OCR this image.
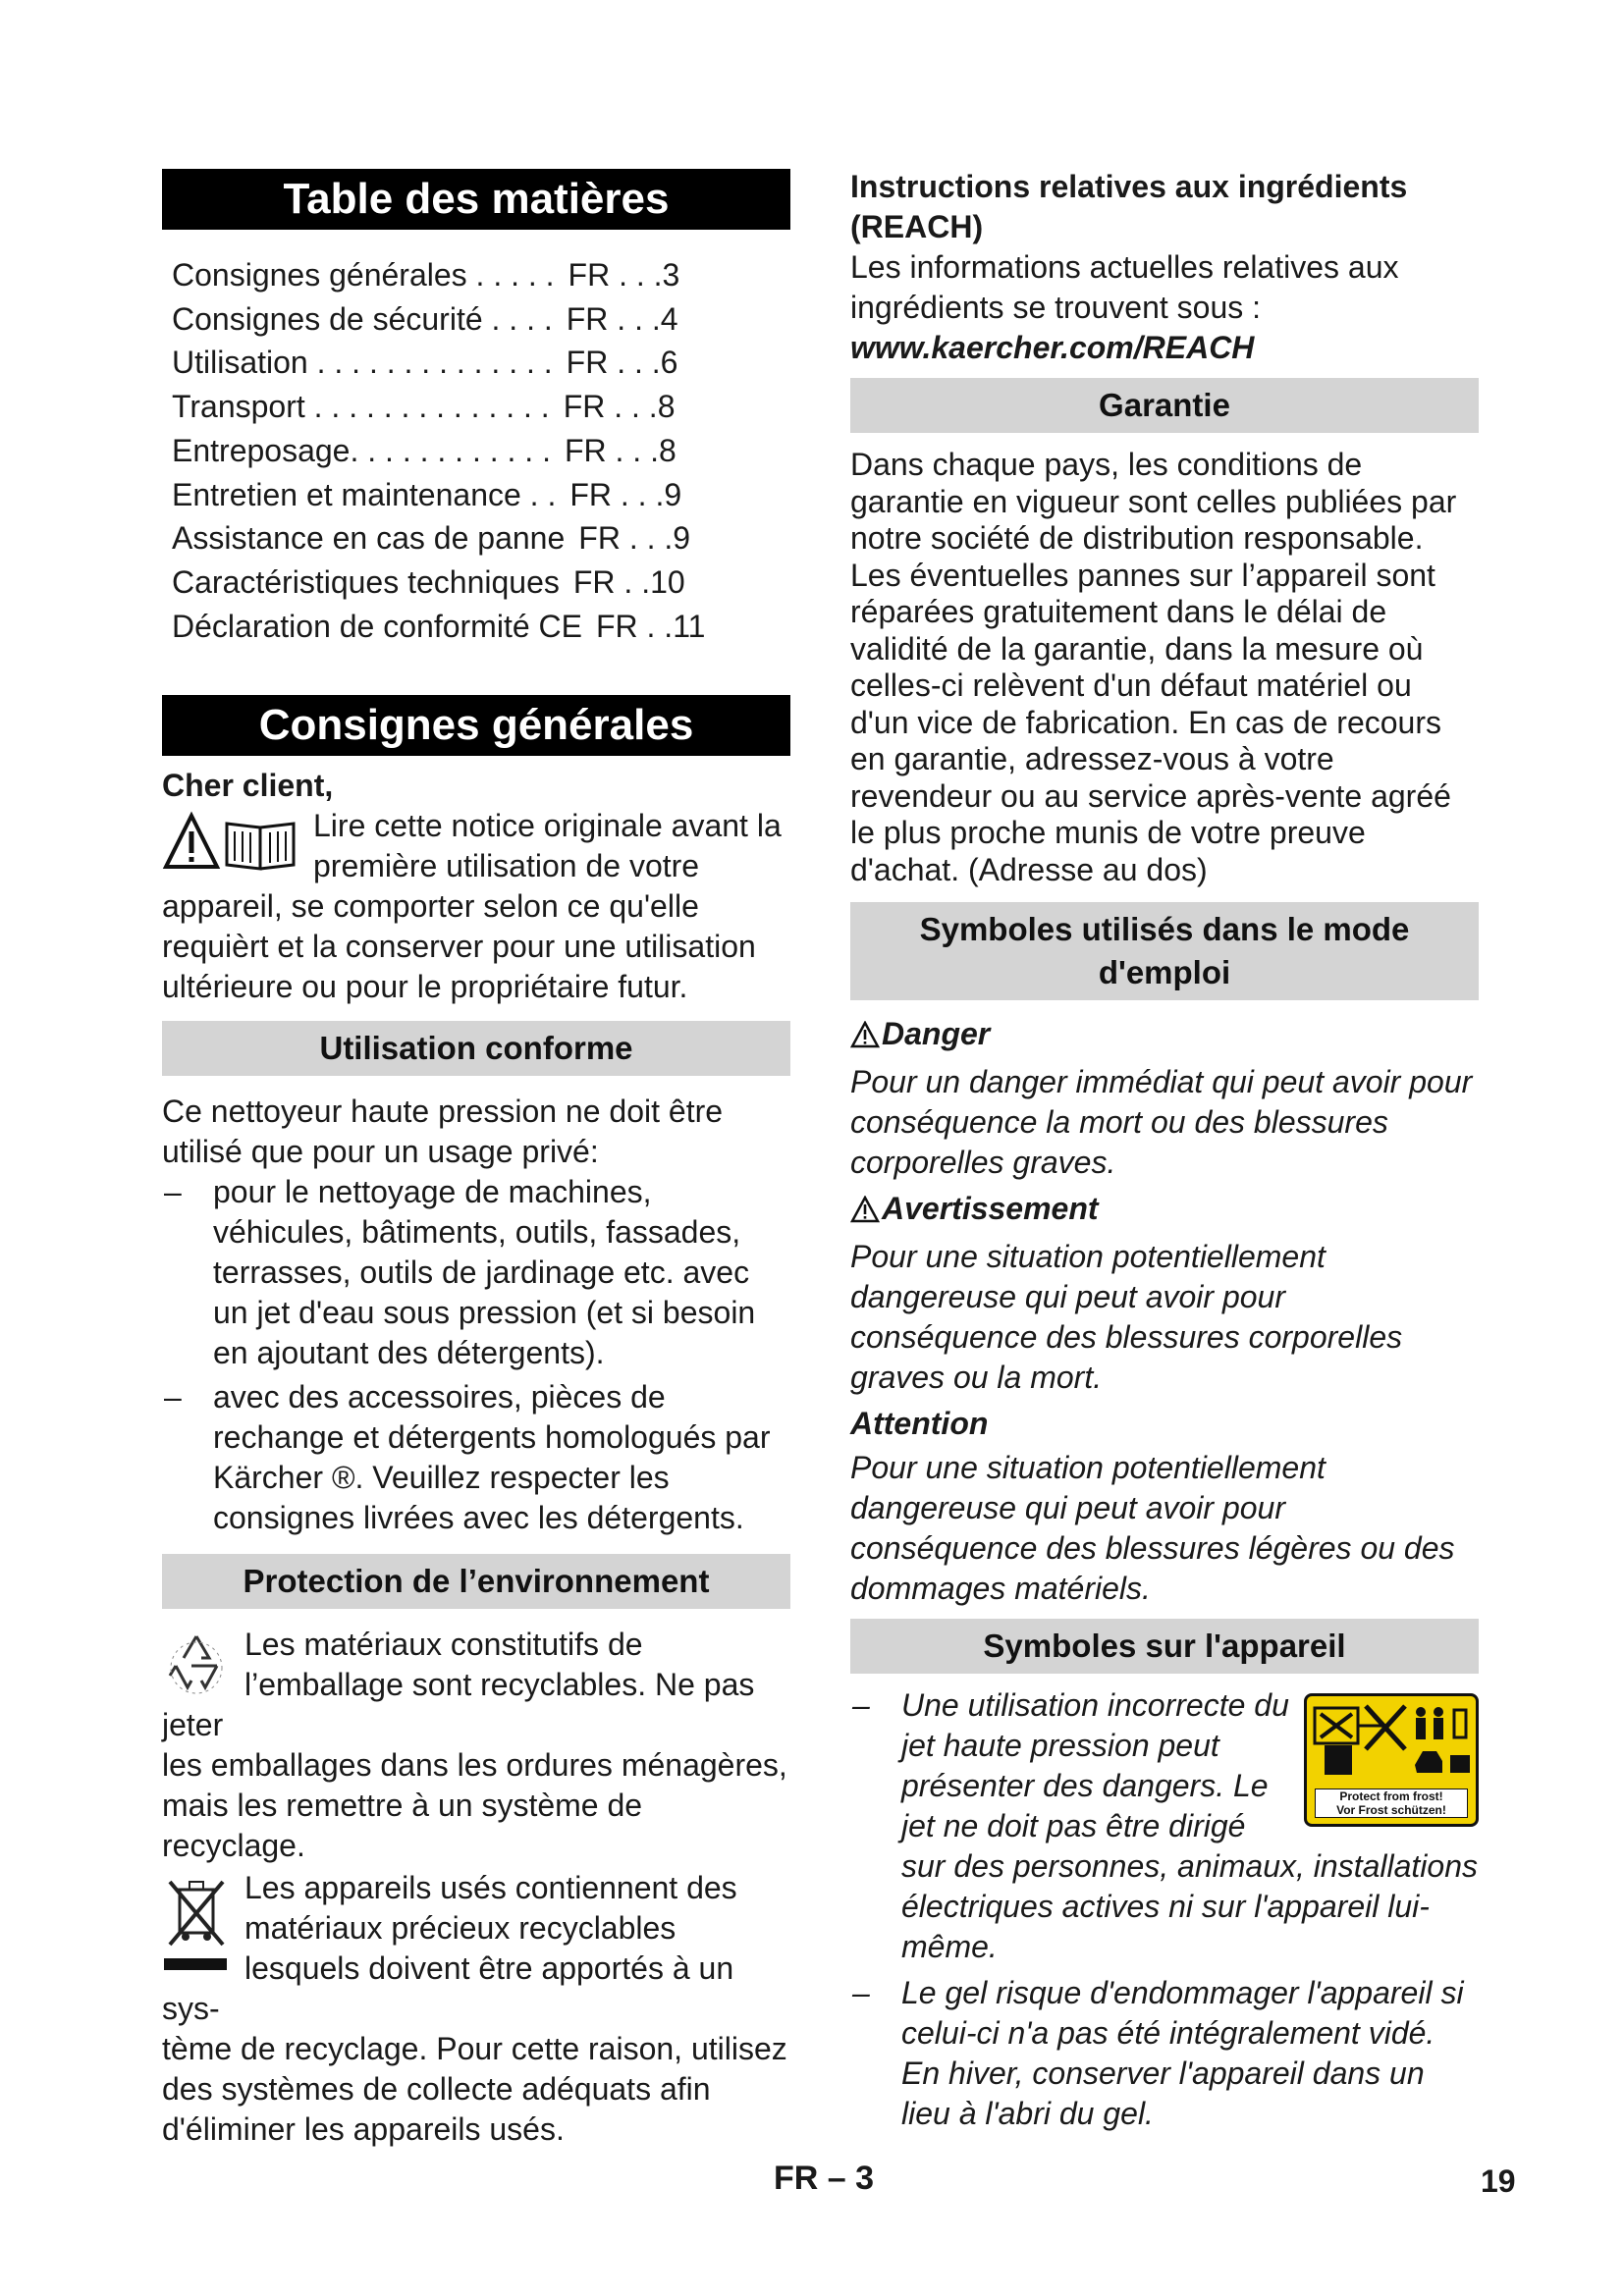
Table des matières
Consignes générales . . . . . FR . . .3
Consignes de sécurité . . . . FR . . .4
Utilisation . . . . . . . . . . . . . . FR . . .6
Transport . . . . . . . . . . . . . . FR . . .8
Entreposage. . . . . . . . . . . . FR . . .8
Entretien et maintenance . . FR . . .9
Assistance en cas de panne FR . . .9
Caractéristiques techniques FR . .10
Déclaration de conformité CE FR . .11
Consignes générales

Cher client,

Lire cette notice originale avant la première utilisation de votre

appareil, se comporter selon ce qu'elle requièrt et la conserver pour une utilisation ultérieure ou pour le propriétaire futur.

Utilisation conforme

Ce nettoyeur haute pression ne doit être utilisé que pour un usage privé:

– pour le nettoyage de machines, véhicules, bâtiments, outils, fassades, terrasses, outils de jardinage etc. avec un jet d'eau sous pression (et si besoin en ajoutant des détergents).
– avec des accessoires, pièces de rechange et détergents homologués par Kärcher ®. Veuillez respecter les consignes livrées avec les détergents.
Protection de l’environnement

Les matériaux constitutifs de l’emballage sont recyclables. Ne pas jeter

les emballages dans les ordures ménagères, mais les remettre à un système de recyclage.

Les appareils usés contiennent des matériaux précieux recyclables lesquels doivent être apportés à un sys-

tème de recyclage. Pour cette raison, utilisez des systèmes de collecte adéquats afin d'éliminer les appareils usés.

Instructions relatives aux ingrédients (REACH)

Les informations actuelles relatives aux ingrédients se trouvent sous :

www.kaercher.com/REACH

Garantie

Dans chaque pays, les conditions de garantie en vigueur sont celles publiées par notre société de distribution responsable. Les éventuelles pannes sur l’appareil sont réparées gratuitement dans le délai de validité de la garantie, dans la mesure où celles-ci relèvent d'un défaut matériel ou d'un vice de fabrication. En cas de recours en garantie, adressez-vous à votre revendeur ou au service après-vente agréé le plus proche munis de votre preuve d'achat. (Adresse au dos)

Symboles utilisés dans le mode d'emploi

Danger

Pour un danger immédiat qui peut avoir pour conséquence la mort ou des blessures corporelles graves.

Avertissement

Pour une situation potentiellement dangereuse qui peut avoir pour conséquence des blessures corporelles graves ou la mort.

Attention

Pour une situation potentiellement dangereuse qui peut avoir pour conséquence des blessures légères ou des dommages matériels.

Symboles sur l'appareil
Protect from frost!
Vor Frost schützen!
– Une utilisation incorrecte du jet haute pression peut présenter des dangers. Le jet ne doit pas être dirigé sur des personnes, animaux, installations électriques actives ni sur l'appareil lui-même.
– Le gel risque d'endommager l'appareil si celui-ci n'a pas été intégralement vidé. En hiver, conserver l'appareil dans un lieu à l'abri du gel.
FR – 3	19
